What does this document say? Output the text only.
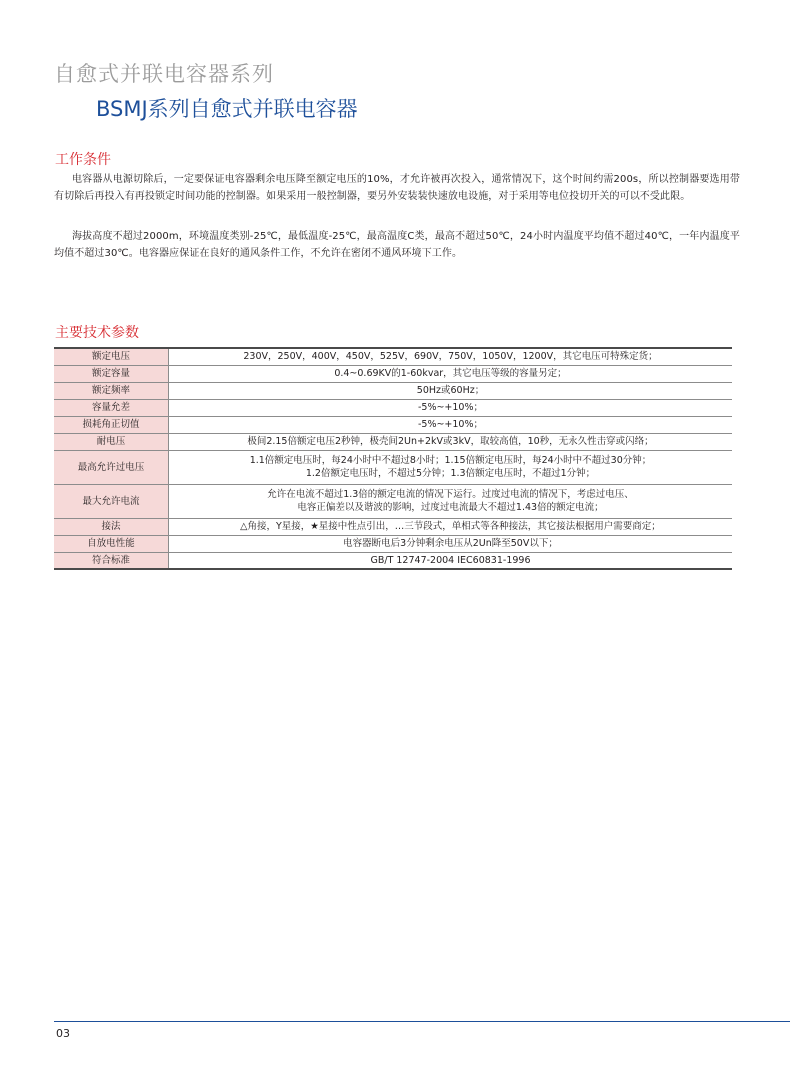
自愈式并联电容器系列
BSMJ系列自愈式并联电容器
工作条件

电容器从电源切除后，一定要保证电容器剩余电压降至额定电压的10%，才允许被再次投入，通常情况下，这个时间约需200s，所以控制器要选用带有切除后再投入有再投锁定时间功能的控制器。如果采用一般控制器，要另外安装装快速放电设施，对于采用等电位投切开关的可以不受此限。

海拔高度不超过2000m，环境温度类别-25℃，最低温度-25℃，最高温度C类，最高不超过50℃，24小时内温度平均值不超过40℃，一年内温度平均值不超过30℃。电容器应保证在良好的通风条件工作，不允许在密闭不通风环境下工作。

主要技术参数
额定电压	230V，250V，400V，450V，525V，690V，750V，1050V，1200V，其它电压可特殊定货；
额定容量	0.4~0.69KV的1-60kvar，其它电压等级的容量另定；
额定频率	50Hz或60Hz；
容量允差	-5%~+10%；
损耗角正切值	-5%~+10%；
耐电压	极间2.15倍额定电压2秒钟，极壳间2Un+2kV或3kV，取较高值，10秒，无永久性击穿或闪络；
最高允许过电压	1.1倍额定电压时，每24小时中不超过8小时；1.15倍额定电压时，每24小时中不超过30分钟；
1.2倍额定电压时，不超过5分钟；1.3倍额定电压时，不超过1分钟；

最大允许电流	允许在电流不超过1.3倍的额定电流的情况下运行。过度过电流的情况下，考虑过电压、
电容正偏差以及谐波的影响，过度过电流最大不超过1.43倍的额定电流；

接法	△角接，Y星接，★星接中性点引出，…三节段式，单相式等各种接法，其它接法根据用户需要商定；
自放电性能	电容器断电后3分钟剩余电压从2Un降至50V以下；
符合标准	GB/T 12747-2004 IEC60831-1996
03
